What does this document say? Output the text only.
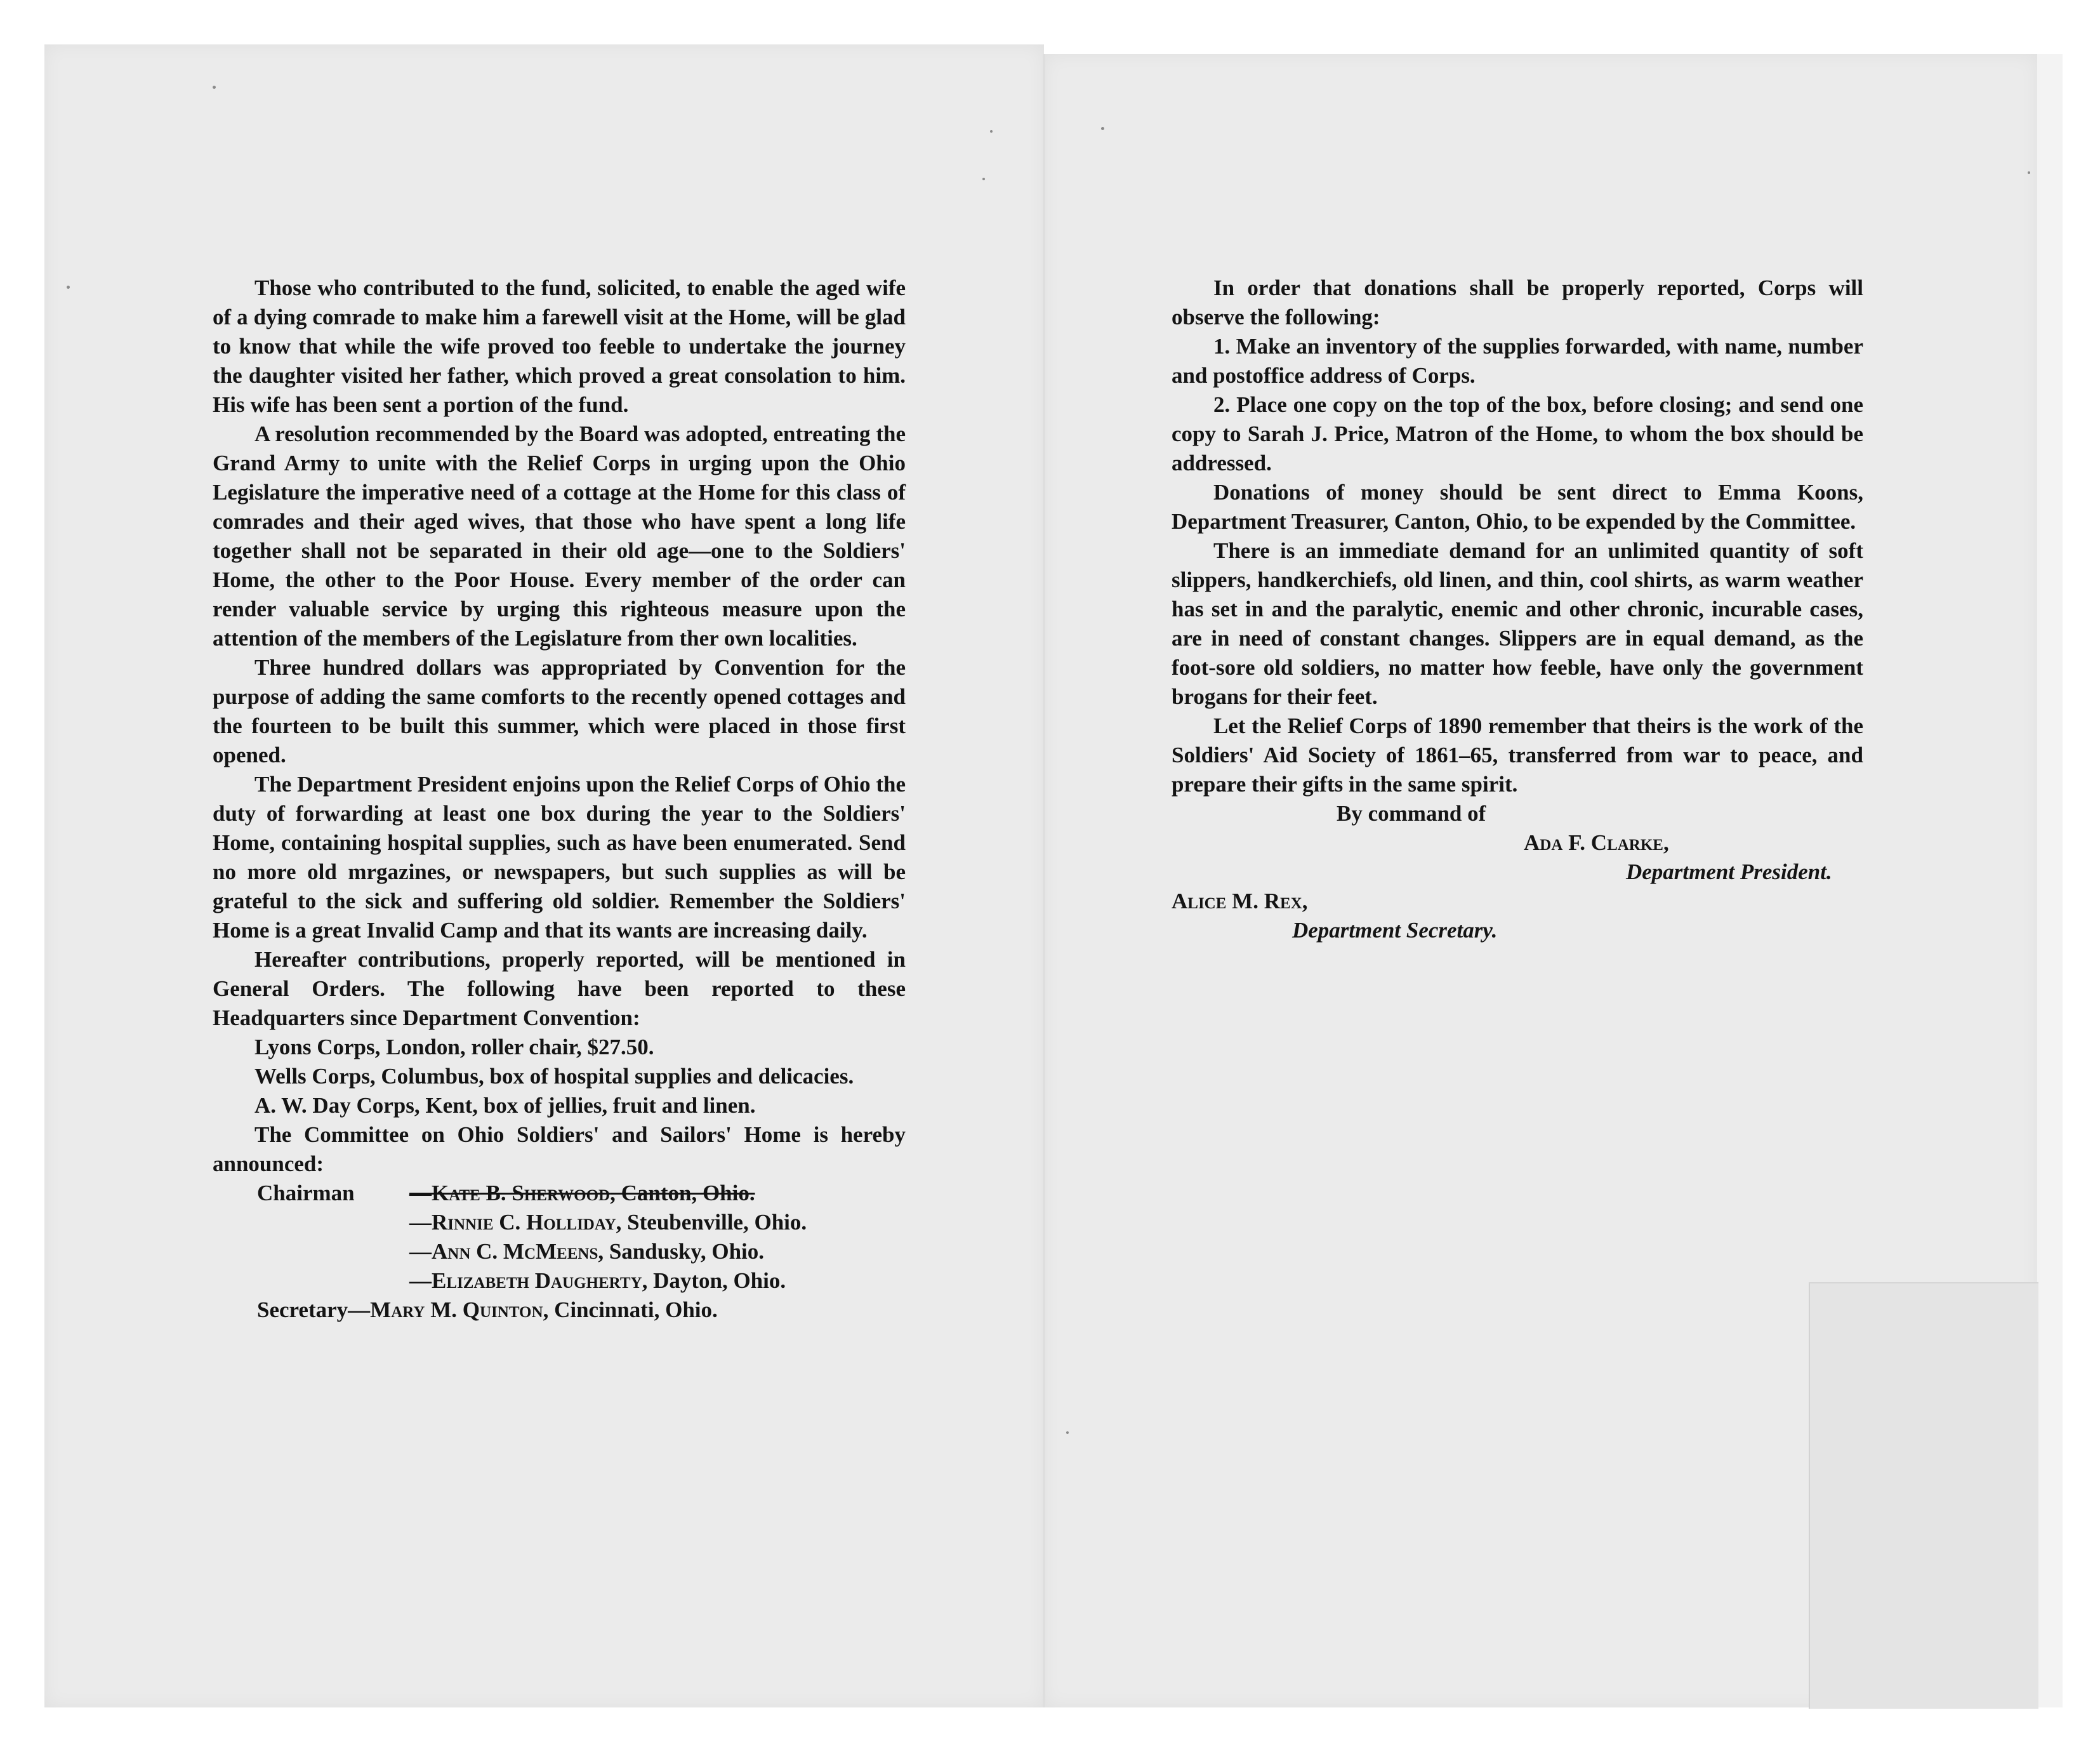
Those who contributed to the fund, solicited, to enable the aged wife of a dying comrade to make him a farewell visit at the Home, will be glad to know that while the wife proved too feeble to undertake the journey the daughter visited her father, which proved a great consolation to him. His wife has been sent a portion of the fund.

A resolution recommended by the Board was adopted, entreating the Grand Army to unite with the Relief Corps in urging upon the Ohio Legislature the imperative need of a cottage at the Home for this class of comrades and their aged wives, that those who have spent a long life together shall not be separated in their old age—one to the Soldiers' Home, the other to the Poor House. Every member of the order can render valuable service by urging this righteous measure upon the attention of the members of the Legislature from ther own localities.

Three hundred dollars was appropriated by Convention for the purpose of adding the same comforts to the recently opened cottages and the fourteen to be built this summer, which were placed in those first opened.

The Department President enjoins upon the Relief Corps of Ohio the duty of forwarding at least one box during the year to the Soldiers' Home, containing hospital supplies, such as have been enumerated. Send no more old mrgazines, or newspapers, but such supplies as will be grateful to the sick and suffering old soldier. Remember the Soldiers' Home is a great Invalid Camp and that its wants are increasing daily.

Hereafter contributions, properly reported, will be mentioned in General Orders. The following have been reported to these Headquarters since Department Convention:

Lyons Corps, London, roller chair, $27.50.

Wells Corps, Columbus, box of hospital supplies and delicacies.

A. W. Day Corps, Kent, box of jellies, fruit and linen.

The Committee on Ohio Soldiers' and Sailors' Home is hereby announced:

Chairman	—Kate B. Sherwood, Canton, Ohio.
— Rinnie C. Holliday , Steubenville, Ohio.
— Ann C. McMeens , Sandusky, Ohio.
— Elizabeth Daugherty , Dayton, Ohio.
Secretary — Mary M. Quinton , Cincinnati, Ohio.

In order that donations shall be properly reported, Corps will observe the following:

1. Make an inventory of the supplies forwarded, with name, number and postoffice address of Corps.

2. Place one copy on the top of the box, before closing; and send one copy to Sarah J. Price, Matron of the Home, to whom the box should be addressed.

Donations of money should be sent direct to Emma Koons, Department Treasurer, Canton, Ohio, to be expended by the Committee.

There is an immediate demand for an unlimited quantity of soft slippers, handkerchiefs, old linen, and thin, cool shirts, as warm weather has set in and the paralytic, enemic and other chronic, incurable cases, are in need of constant changes. Slippers are in equal demand, as the foot-sore old soldiers, no matter how feeble, have only the government brogans for their feet.

Let the Relief Corps of 1890 remember that theirs is the work of the Soldiers' Aid Society of 1861–65, transferred from war to peace, and prepare their gifts in the same spirit.

By command of
Ada F. Clarke,
Department President.
Alice M. Rex,
Department Secretary.
